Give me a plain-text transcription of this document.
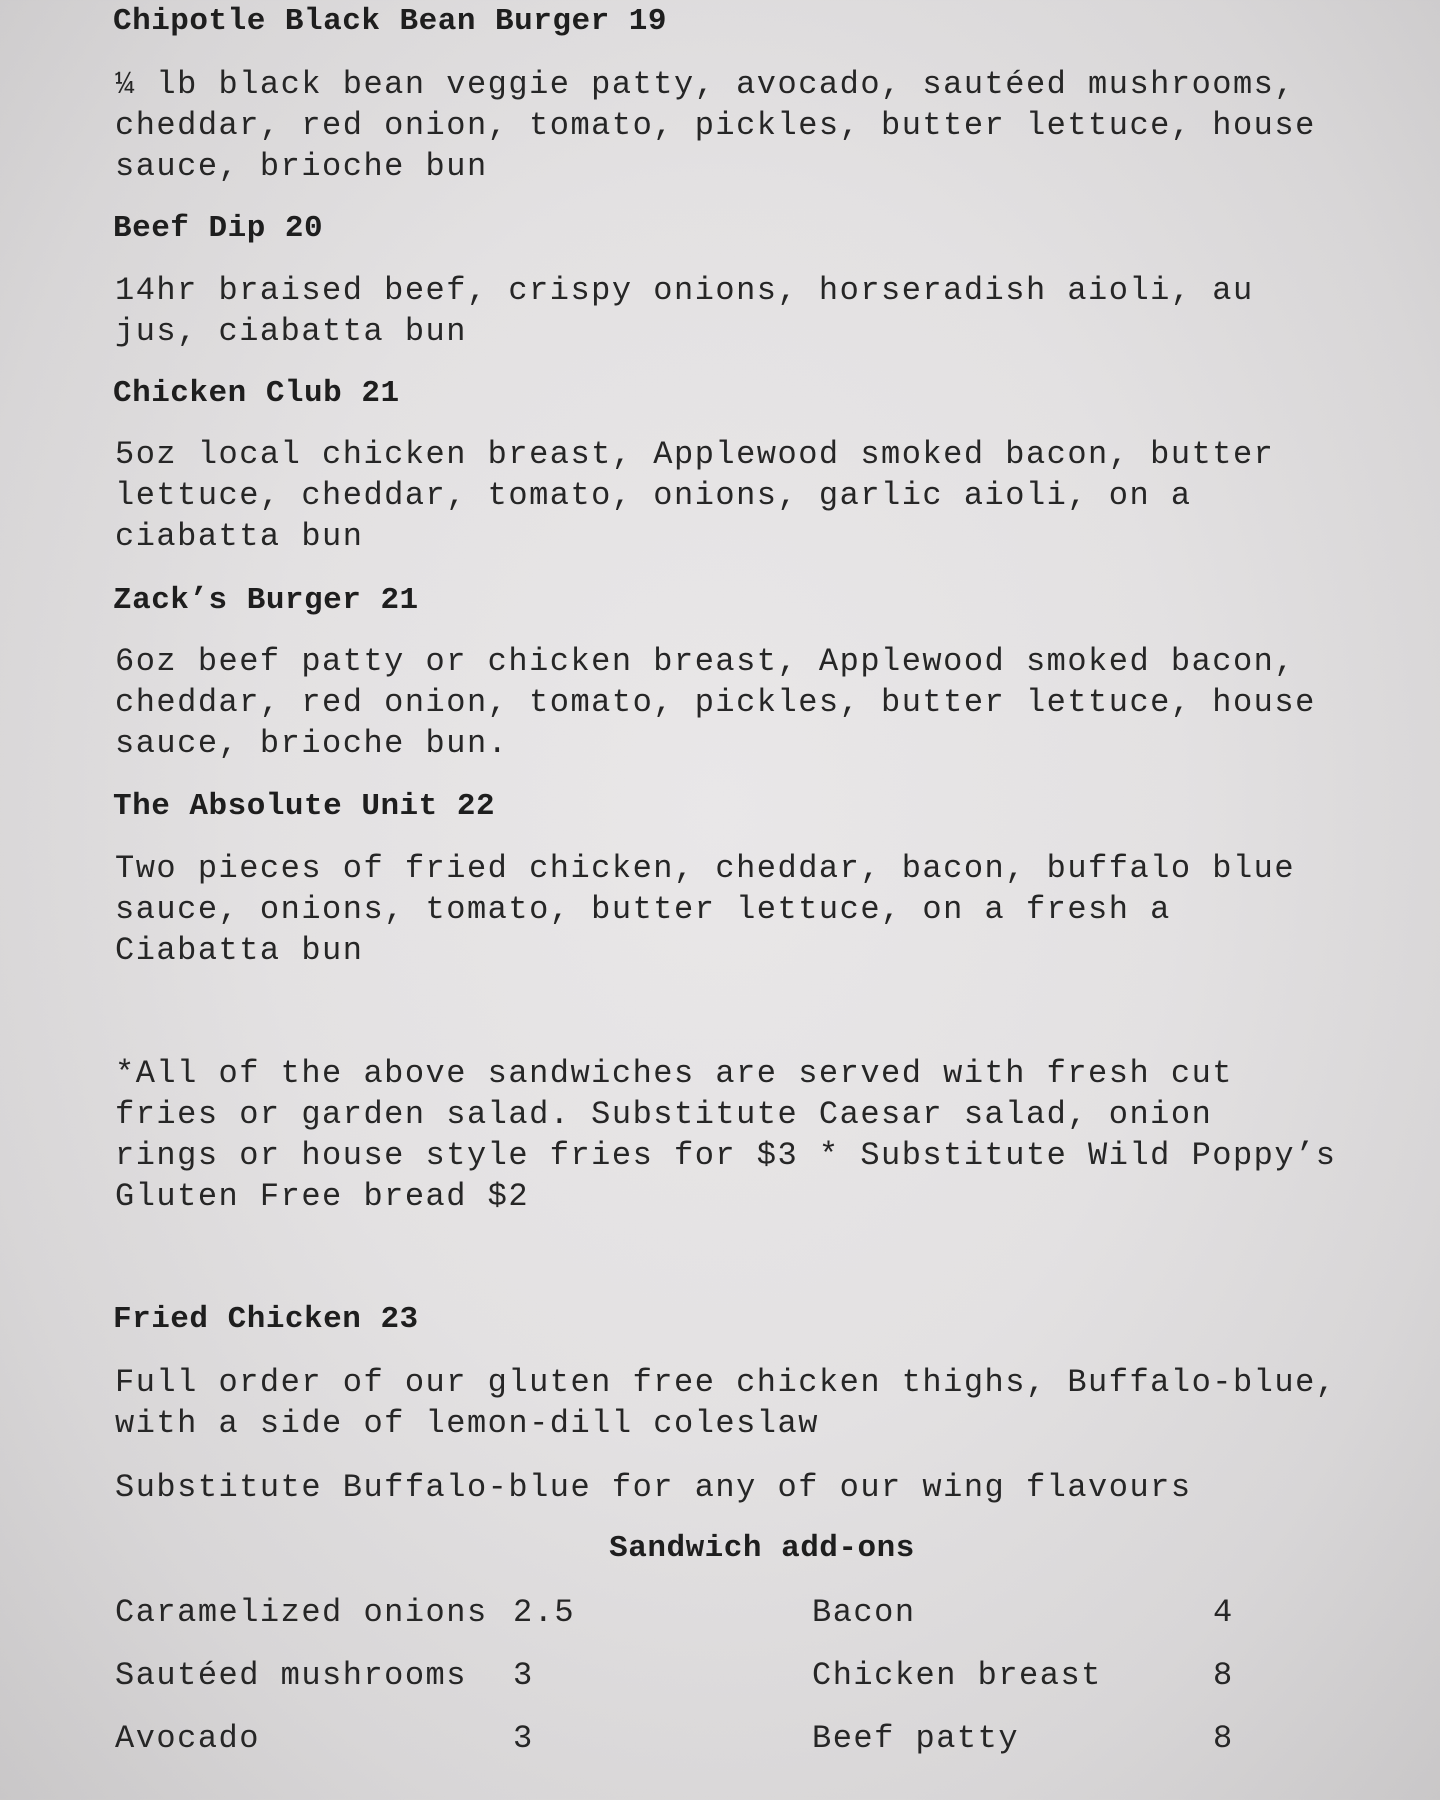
Chipotle Black Bean Burger 19
¼ lb black bean veggie patty, avocado, sautéed mushrooms,
cheddar, red onion, tomato, pickles, butter lettuce, house
sauce, brioche bun
Beef Dip 20
14hr braised beef, crispy onions, horseradish aioli, au
jus, ciabatta bun
Chicken Club 21
5oz local chicken breast, Applewood smoked bacon, butter
lettuce, cheddar, tomato, onions, garlic aioli, on a
ciabatta bun
Zack’s Burger 21
6oz beef patty or chicken breast, Applewood smoked bacon,
cheddar, red onion, tomato, pickles, butter lettuce, house
sauce, brioche bun.
The Absolute Unit 22
Two pieces of fried chicken, cheddar, bacon, buffalo blue
sauce, onions, tomato, butter lettuce, on a fresh a
Ciabatta bun
*All of the above sandwiches are served with fresh cut
fries or garden salad. Substitute Caesar salad, onion
rings or house style fries for $3 * Substitute Wild Poppy’s
Gluten Free bread $2
Fried Chicken 23
Full order of our gluten free chicken thighs, Buffalo-blue,
with a side of lemon-dill coleslaw
Substitute Buffalo-blue for any of our wing flavours
Sandwich add-ons
Caramelized onions 2.5	Bacon	4
Sautéed mushrooms 3	Chicken breast	8
Avocado	3	Beef patty	8
